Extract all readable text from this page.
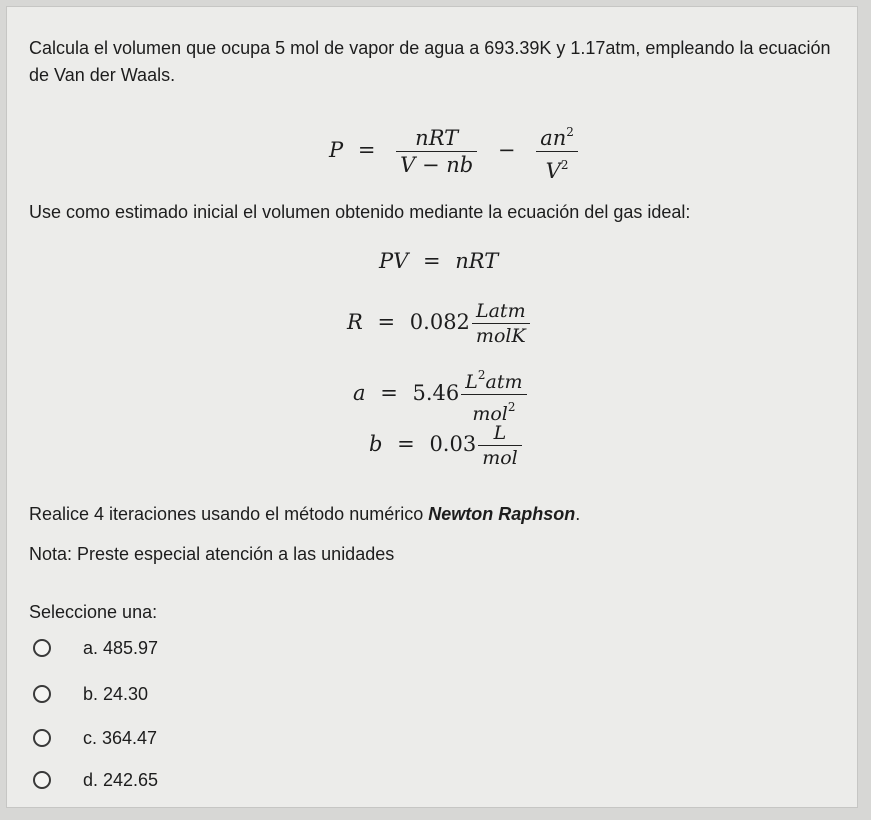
Calcula el volumen que ocupa 5 mol de vapor de agua a 693.39K y 1.17atm, empleando la ecuación de Van der Waals.
$P = \frac{\text{nRT}}{V - nb} - \frac{an^2}{V^2}$
Use como estimado inicial el volumen obtenido mediante la ecuación del gas ideal:
PV = nRT
$R = 0.082 \frac{\text{Latm}}{\text{molK}}$
$a = 5.46 \frac{L^2atm}{mol^2}$
$b = 0.03 \frac{L}{\text{mol}}$
Realice 4 iteraciones usando el método numérico Newton Raphson.
Nota: Preste especial atención a las unidades
Seleccione una:
a. 485.97
b. 24.30
c. 364.47
d. 242.65
